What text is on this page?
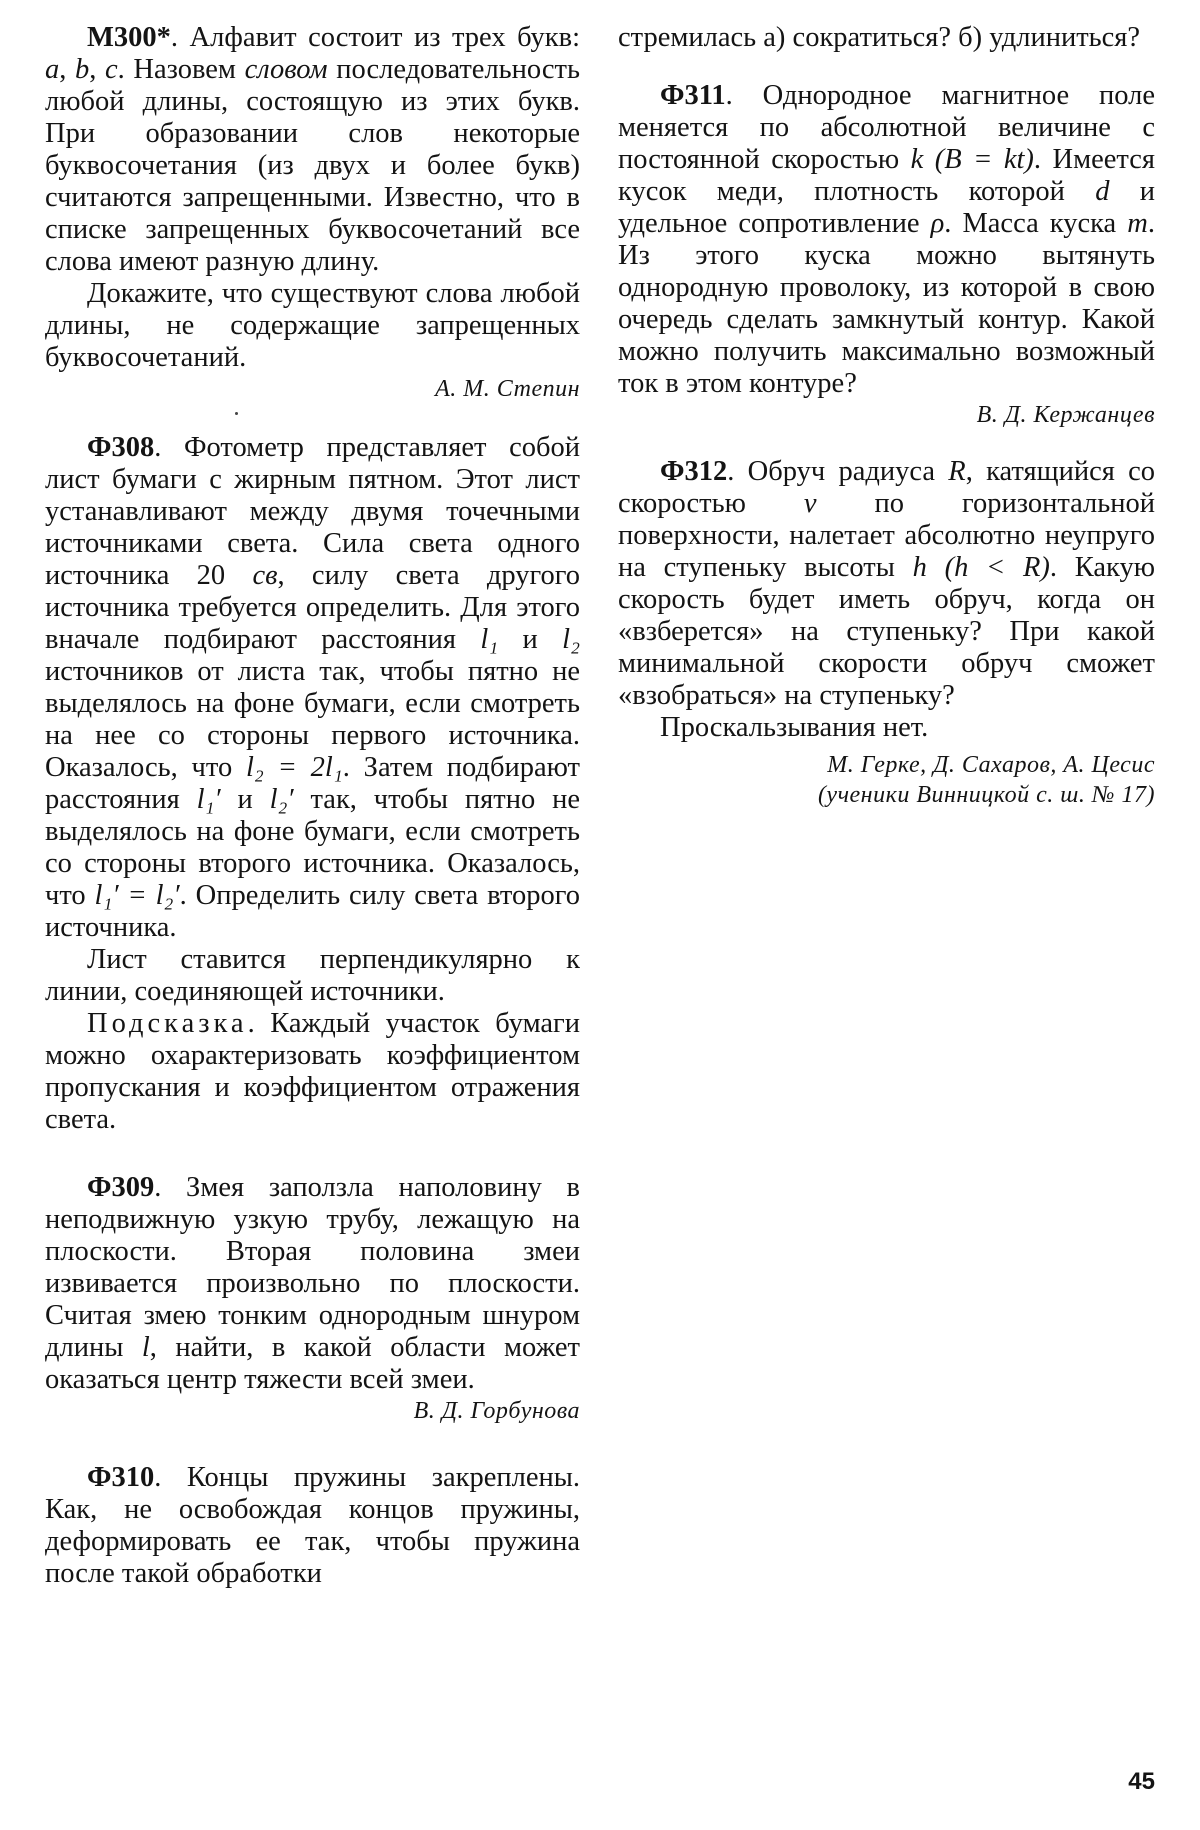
М300*. Алфавит состоит из трех букв: a, b, c. Назовем словом последовательность любой длины, состоящую из этих букв. При образовании слов некоторые буквосочетания (из двух и более букв) считаются запрещенными. Известно, что в списке запрещенных буквосочетаний все слова имеют разную длину.

Докажите, что существуют слова любой длины, не содержащие запрещенных буквосочетаний.

А. М. Степин

Ф308. Фотометр представляет собой лист бумаги с жирным пятном. Этот лист устанавливают между двумя точечными источниками света. Сила света одного источника 20 св, силу света другого источника требуется определить. Для этого вначале подбирают расстояния l₁ и l₂ источников от листа так, чтобы пятно не выделялось на фоне бумаги, если смотреть на нее со стороны первого источника. Оказалось, что l₂ = 2l₁. Затем подбирают расстояния l₁′ и l₂′ так, чтобы пятно не выделялось на фоне бумаги, если смотреть со стороны второго источника. Оказалось, что l₁′ = l₂′. Определить силу света второго источника.

Лист ставится перпендикулярно к линии, соединяющей источники.

Подсказка. Каждый участок бумаги можно охарактеризовать коэффициентом пропускания и коэффициентом отражения света.

Ф309. Змея заползла наполовину в неподвижную узкую трубу, лежащую на плоскости. Вторая половина змеи извивается произвольно по плоскости. Считая змею тонким однородным шнуром длины l, найти, в какой области может оказаться центр тяжести всей змеи.

В. Д. Горбунова

Ф310. Концы пружины закреплены. Как, не освобождая концов пружины, деформировать ее так, чтобы пружина после такой обработки

стремилась а) сократиться? б) удлиниться?

Ф311. Однородное магнитное поле меняется по абсолютной величине с постоянной скоростью k (B = kt). Имеется кусок меди, плотность которой d и удельное сопротивление ρ. Масса куска m. Из этого куска можно вытянуть однородную проволоку, из которой в свою очередь сделать замкнутый контур. Какой можно получить максимально возможный ток в этом контуре?

В. Д. Кержанцев

Ф312. Обруч радиуса R, катящийся со скоростью v по горизонтальной поверхности, налетает абсолютно неупруго на ступеньку высоты h (h < R). Какую скорость будет иметь обруч, когда он «взберется» на ступеньку? При какой минимальной скорости обруч сможет «взобраться» на ступеньку?

Проскальзывания нет.

М. Герке, Д. Сахаров, А. Цесис
(ученики Винницкой с. ш. № 17)
45
